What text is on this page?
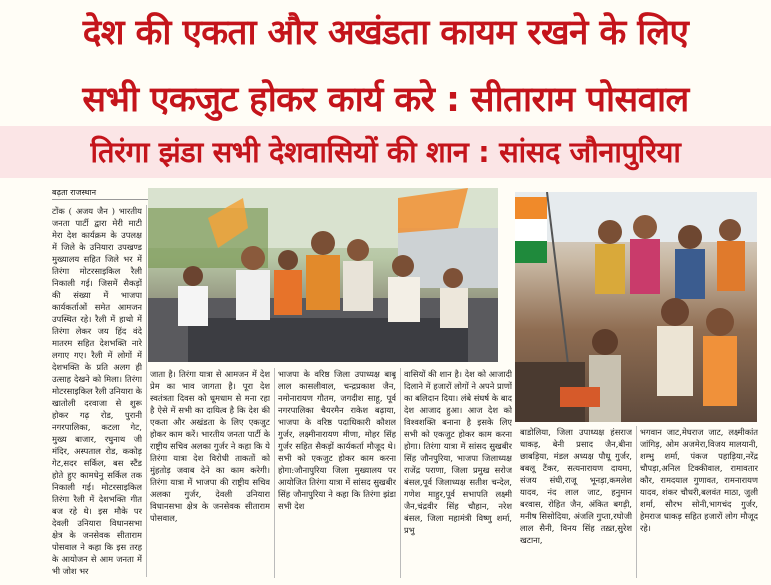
देश की एकता और अखंडता कायम रखने के लिए
सभी एकजुट होकर कार्य करे : सीताराम पोसवाल
तिरंगा झंडा सभी देशवासियों की शान : सांसद जौनापुरिया
बढ़ता राजस्थान

टोंक ( अजय जैन ) भारतीय जनता पार्टी द्वारा मेरी माटी मेरा देश कार्यक्रम के उपलक्ष में जिले के उनियारा उपखण्ड मुख्यालय सहित जिले भर में तिरंगा मोटरसाइकिल रैली निकाली गई। जिसमें सैकड़ों की संख्या में भाजपा कार्यकर्ताओं समेत आमजन उपस्थित रहे। रैली में हाथो में तिरंगा लेकर जय हिंद वंदे मातरम सहित देशभक्ति नारे लगाए गए। रैली में लोगों में देशभक्ति के प्रति अलग ही उत्साह देखने को मिला। तिरंगा मोटरसाइकिल रैली उनियारा के खातोली दरवाजा से शुरू होकर गढ़ रोड, पुरानी नगरपालिका, कटला गेट, मुख्य बाजार, रघुनाथ जी मंदिर, अस्पताल रोड, ककोड़ गेट,सदर सर्किल, बस स्टैंड होते हुए कामधेनु सर्किल तक निकाली गई। मोटरसाइकिल तिरंगा रैली में देशभक्ति गीत बज रहे थे। इस मौके पर देवली उनियारा विधानसभा क्षेत्र के जनसेवक सीताराम पोसवाल ने कहा कि इस तरह के आयोजन से आम जनता में भी जोश भर

जाता है। तिरंगा यात्रा से आमजन में देश प्रेम का भाव जागता है। पूरा देश स्वतंत्रता दिवस को धूमधाम से मना रहा है ऐसे में सभी का दायित्व है कि देश की एकता और अखंडता के लिए एकजुट होकर काम करें। भारतीय जनता पार्टी के राष्ट्रीय सचिव अलका गुर्जर ने कहा कि ये तिरंगा यात्रा देश विरोधी ताकतों को मुंहतोड़ जवाब देने का काम करेगी। तिरंगा यात्रा में भाजपा की राष्ट्रीय सचिव अलका गुर्जर, देवली उनियारा विधानसभा क्षेत्र के जनसेवक सीताराम पोसवाल,

भाजपा के वरिष्ठ जिला उपाध्यक्ष बाबू लाल कासलीवाल, चन्द्रप्रकाश जैन, नमोनारायण गौतम, जगदीश साहू, पूर्व नगरपालिका चैयरमैन राकेश बढ़ाया, भाजपा के वरिष्ठ पदाधिकारी कौशल गुर्जर, लक्ष्मीनारायण मीणा, मोहर सिंह गुर्जर सहित सैकड़ों कार्यकर्ता मौजूद थे। सभी को एकजुट होकर काम करना होगा:जौनापुरिया जिला मुख्यालय पर आयोजित तिरंगा यात्रा में सांसद सुखबीर सिंह जौनापुरिया ने कहा कि तिरंगा झंडा सभी देश

वासियों की शान है। देश को आजादी दिलाने में हजारों लोगों ने अपने प्राणों का बलिदान दिया। लंबे संघर्ष के बाद देश आजाद हुआ। आज देश को विश्वशक्ति बनाना है इसके लिए सभी को एकजुट होकर काम करना होगा। तिरंगा यात्रा में सांसद सुखबीर सिंह जौनपुरिया, भाजपा जिलाध्यक्ष राजेंद्र पराणा, जिला प्रमुख सरोज बंसल,पूर्व जिलाध्यक्ष सतीश चन्देल, गणेश माहुर,पूर्व सभापति लक्ष्मी जैन,चंद्रवीर सिंह चौहान, नरेश बंसल, जिला महामंत्री विष्णु शर्मा, प्रभु

बाडोलिया, जिला उपाध्यक्ष हंसराज धाकड़, बेनी प्रसाद जैन,बीना छाबड़िया, मंडल अध्यक्ष पौधू गुर्जर, बबलू टैंकर, सत्यनारायण दायमा, संजय संघी,राजू भूनड़ा,कमलेश यादव, नंद लाल जाट, हनुमान बरवास, रोहित जैन, अंकित बगड़ी, मनीष सिसोदिया, अंजलि गुप्ता,रघोजी लाल सैनी, विनय सिंह तख़्त,सुरेश खटाना,

भगवान जाट,मेघराज जाट, लक्ष्मीकांत जांगिड़, ओम अजमेरा,विजय मालयानी, शम्भु शर्मा, पंकज पहाड़िया,नरेंद्र चौपड़ा,अनिल टिक्कीवाल, रामावतार कौर, रामदयाल गुणावत, रामनारायण यादव, शंकर चौधरी,बलवंत माठा, जुली शर्मा, सौरभ सोनी,भागचंद गुर्जर, हेमराज धाकड़ सहित हजारों लोग मौजूद रहे।
